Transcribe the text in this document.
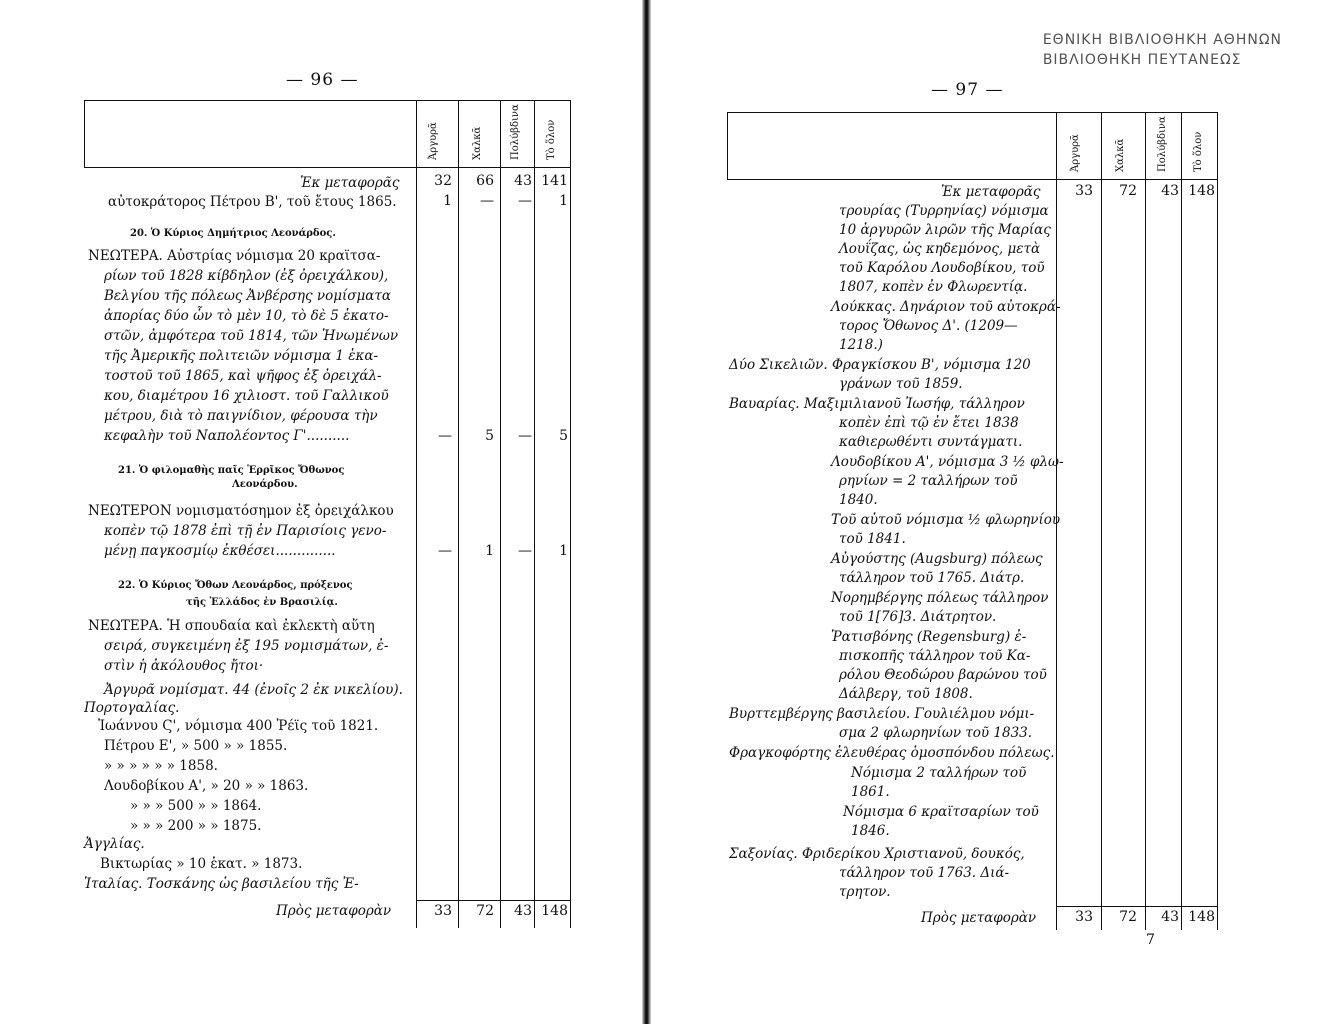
— 96 —
Ἀργυρᾶ	Χαλκᾶ	Πολύβδινα	Τὸ ὅλον
Ἐκ μεταφορᾶς	32	66	43 141
αὐτοκράτορος Πέτρου Β', τοῦ ἔτους 1865.	1	—	—	1
20. Ὁ Κύριος Δημήτριος Λεονάρδος.
ΝΕΩΤΕΡΑ. Αὐστρίας νόμισμα 20 κραϊτσα-
ρίων τοῦ 1828 κίβδηλον (ἐξ ὀρειχάλκου),
Βελγίου τῆς πόλεως Ἀνβέρσης νομίσματα
ἀπορίας δύο ὧν τὸ μὲν 10, τὸ δὲ 5 ἑκατο-
στῶν, ἀμφότερα τοῦ 1814, τῶν Ἡνωμένων
τῆς Ἀμερικῆς πολιτειῶν νόμισμα 1 ἑκα-
τοστοῦ τοῦ 1865, καὶ ψῆφος ἐξ ὀρειχάλ-
κου, διαμέτρου 16 χιλιοστ. τοῦ Γαλλικοῦ
μέτρου, διὰ τὸ παιγνίδιον, φέρουσα τὴν
κεφαλὴν τοῦ Ναπολέοντος Γ'..........	—	5	—	5
21. Ὁ φιλομαθὴς παῖς Ἑρρῖκος Ὄθωνος
Λεονάρδου.
ΝΕΩΤΕΡΟΝ νομισματόσημον ἐξ ὀρειχάλκου
κοπὲν τῷ 1878 ἐπὶ τῇ ἐν Παρισίοις γενο-
μένῃ παγκοσμίῳ ἐκθέσει..............	—	1	—	1
22. Ὁ Κύριος Ὄθων Λεονάρδος, πρόξενος
τῆς Ἑλλάδος ἐν Βρασιλίᾳ.
ΝΕΩΤΕΡΑ. Ἡ σπουδαία καὶ ἐκλεκτὴ αὕτη
σειρά, συγκειμένη ἐξ 195 νομισμάτων, ἐ-
στὶν ἡ ἀκόλουθος ἤτοι·
Ἀργυρᾶ νομίσματ. 44 (ἐνοῖς 2 ἐκ νικελίου).
Πορτογαλίας.
Ἰωάννου Ϛ', νόμισμα 400 Ῥέϊς τοῦ 1821.
Πέτρου Ε', » 500 » » 1855.
» » » » » » 1858.
Λουδοβίκου Α', » 20 » » 1863.
» » » 500 » » 1864.
» » » 200 » » 1875.
Ἀγγλίας.
Βικτωρίας » 10 ἑκατ. » 1873.
Ἰταλίας. Τοσκάνης ὡς βασιλείου τῆς Ἐ-
Πρὸς μεταφορὰν	33	72	43 148
ΕΘΝΙΚΗ ΒΙΒΛΙΟΘΗΚΗ ΑΘΗΝΩΝ
ΒΙΒΛΙΟΘΗΚΗ ΠΕΥΤΑΝΕΩΣ
— 97 —
Ἀργυρᾶ	Χαλκᾶ	Πολύβδινα	Τὸ ὅλον
Ἐκ μεταφορᾶς	33	72	43 148
τρουρίας (Τυρρηνίας) νόμισμα
10 ἀργυρῶν λιρῶν τῆς Μαρίας
Λουΐζας, ὡς κηδεμόνος, μετὰ
τοῦ Καρόλου Λουδοβίκου, τοῦ
1807, κοπὲν ἐν Φλωρεντίᾳ.
Λούκκας. Δηνάριον τοῦ αὐτοκρά-
τορος Ὄθωνος Δ'. (1209—
1218.)
Δύο Σικελιῶν. Φραγκίσκου Β', νόμισμα 120
γράνων τοῦ 1859.
Βαυαρίας. Μαξιμιλιανοῦ Ἰωσήφ, τάλληρον
κοπὲν ἐπὶ τῷ ἐν ἔτει 1838
καθιερωθέντι συντάγματι.
Λουδοβίκου Α', νόμισμα 3 ½ φλω-
ρηνίων = 2 ταλλήρων τοῦ
1840.
Τοῦ αὐτοῦ νόμισμα ½ φλωρηνίου
τοῦ 1841.
Αὐγούστης (Augsburg) πόλεως
τάλληρον τοῦ 1765. Διάτρ.
Νορημβέργης πόλεως τάλληρον
τοῦ 1[76]3. Διάτρητον.
Ῥατισβόνης (Regensburg) ἐ-
πισκοπῆς τάλληρον τοῦ Κα-
ρόλου Θεοδώρου βαρώνου τοῦ
Δάλβεργ, τοῦ 1808.
Βυρττεμβέργης βασιλείου. Γουλιέλμου νόμι-
σμα 2 φλωρηνίων τοῦ 1833.
Φραγκοφόρτης ἐλευθέρας ὁμοσπόνδου πόλεως.
Νόμισμα 2 ταλλήρων τοῦ
1861.
Νόμισμα 6 κραϊτσαρίων τοῦ
1846.
Σαξονίας. Φριδερίκου Χριστιανοῦ, δουκός,
τάλληρον τοῦ 1763. Διά-
τρητον.
Πρὸς μεταφορὰν	33	72	43 148
7
